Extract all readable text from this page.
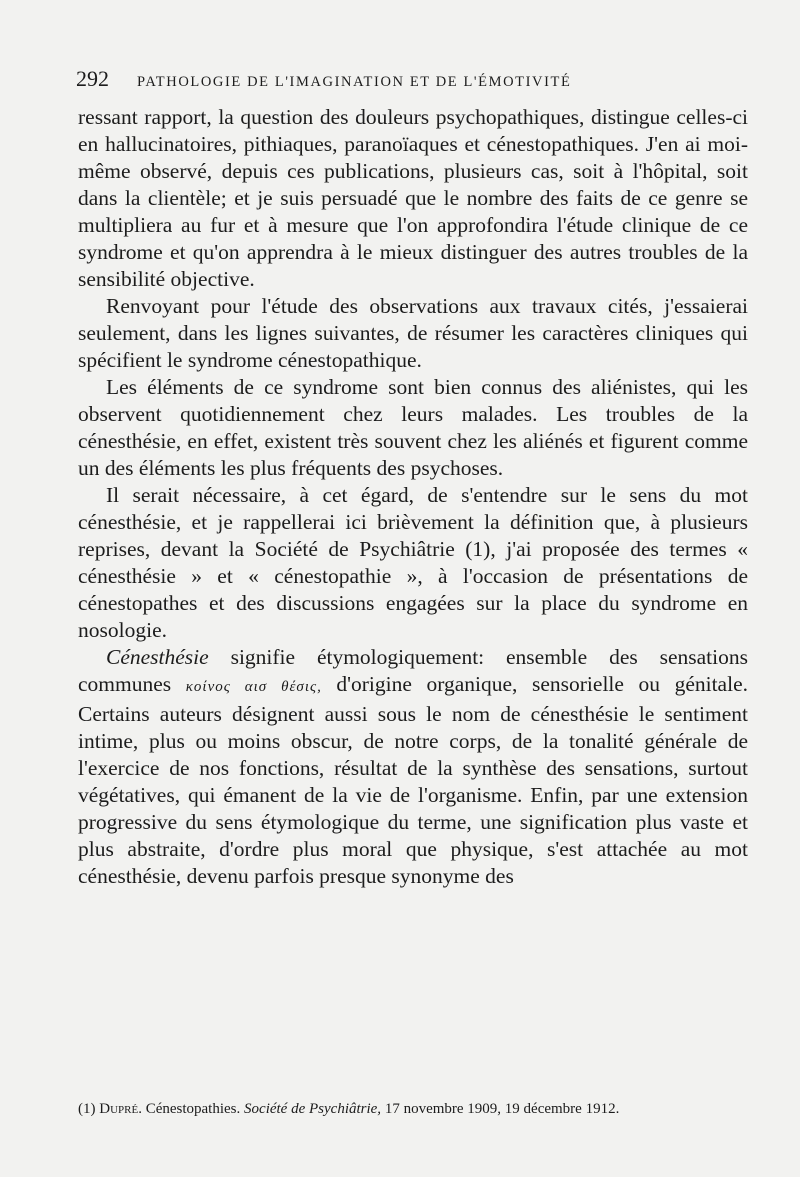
292 PATHOLOGIE DE L'IMAGINATION ET DE L'ÉMOTIVITÉ

ressant rapport, la question des douleurs psychopathiques, distingue celles-ci en hallucinatoires, pithiaques, paranoïaques et cénestopathiques. J'en ai moi-même observé, depuis ces publications, plusieurs cas, soit à l'hôpital, soit dans la clientèle; et je suis persuadé que le nombre des faits de ce genre se multipliera au fur et à mesure que l'on approfondira l'étude clinique de ce syndrome et qu'on apprendra à le mieux distinguer des autres troubles de la sensibilité objective.

Renvoyant pour l'étude des observations aux travaux cités, j'essaierai seulement, dans les lignes suivantes, de résumer les caractères cliniques qui spécifient le syndrome cénestopathique.

Les éléments de ce syndrome sont bien connus des aliénistes, qui les observent quotidiennement chez leurs malades. Les troubles de la cénesthésie, en effet, existent très souvent chez les aliénés et figurent comme un des éléments les plus fréquents des psychoses.

Il serait nécessaire, à cet égard, de s'entendre sur le sens du mot cénesthésie, et je rappellerai ici brièvement la définition que, à plusieurs reprises, devant la Société de Psychiâtrie (1), j'ai proposée des termes « cénesthésie » et « cénestopathie », à l'occasion de présentations de cénestopathes et des discussions engagées sur la place du syndrome en nosologie.

Cénesthésie signifie étymologiquement: ensemble des sensations communes κοίνος αισ θέσις, d'origine organique, sensorielle ou génitale. Certains auteurs désignent aussi sous le nom de cénesthésie le sentiment intime, plus ou moins obscur, de notre corps, de la tonalité générale de l'exercice de nos fonctions, résultat de la synthèse des sensations, surtout végétatives, qui émanent de la vie de l'organisme. Enfin, par une extension progressive du sens étymologique du terme, une signification plus vaste et plus abstraite, d'ordre plus moral que physique, s'est attachée au mot cénesthésie, devenu parfois presque synonyme des

(1) Dupré. Cénestopathies. Société de Psychiâtrie, 17 novembre 1909, 19 décembre 1912.
